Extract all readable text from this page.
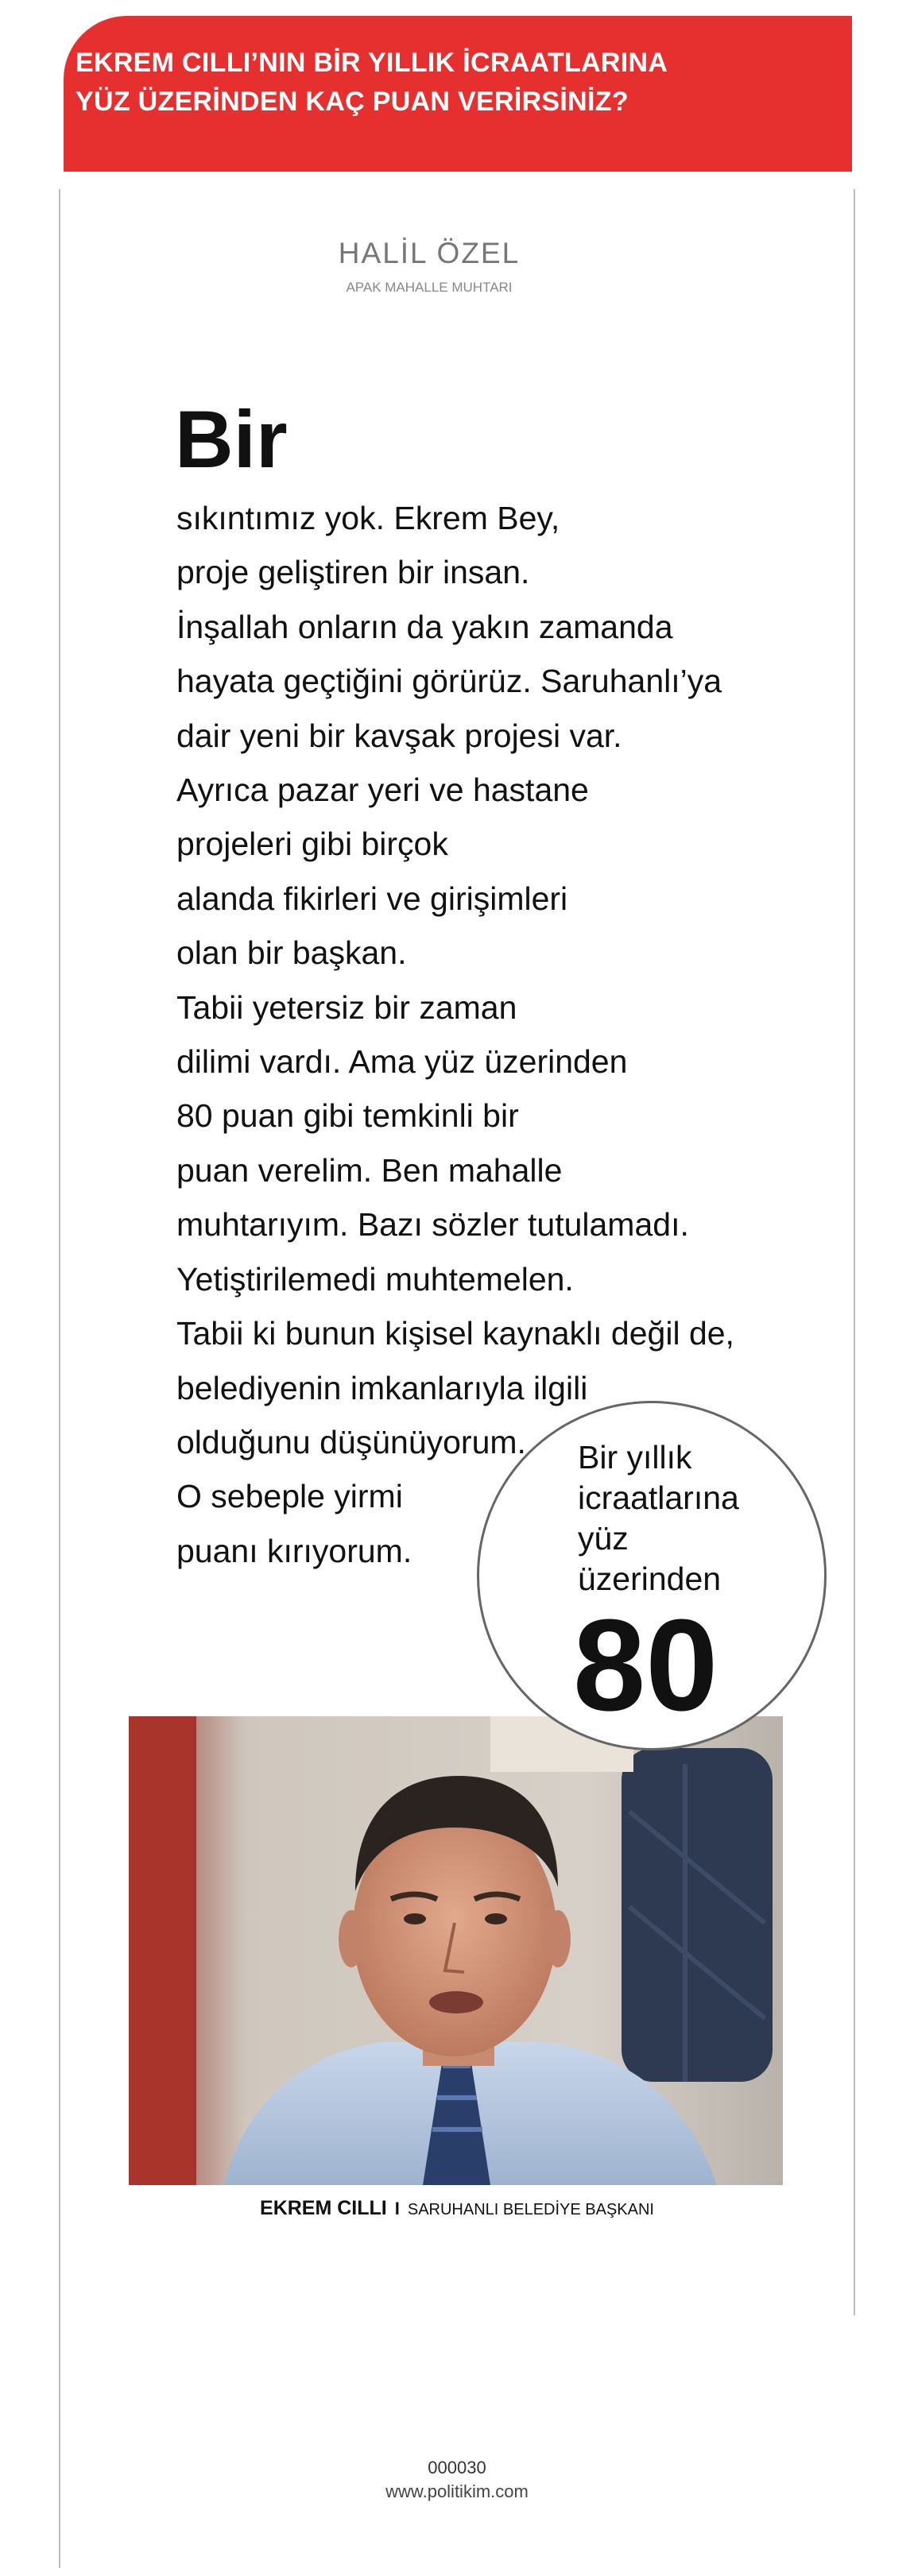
EKREM CILLI’NIN BİR YILLIK İCRAATLARINA
YÜZ ÜZERİNDEN KAÇ PUAN VERİRSİNİZ?
HALİL ÖZEL
APAK MAHALLE MUHTARI
Bir
sıkıntımız yok. Ekrem Bey,
proje geliştiren bir insan.
İnşallah onların da yakın zamanda
hayata geçtiğini görürüz. Saruhanlı’ya
dair yeni bir kavşak projesi var.
Ayrıca pazar yeri ve hastane
projeleri gibi birçok
alanda fikirleri ve girişimleri
olan bir başkan.
Tabii yetersiz bir zaman
dilimi vardı. Ama yüz üzerinden
80 puan gibi temkinli bir
puan verelim. Ben mahalle
muhtarıyım. Bazı sözler tutulamadı.
Yetiştirilemedi muhtemelen.
Tabii ki bunun kişisel kaynaklı değil de,
belediyenin imkanlarıyla ilgili
olduğunu düşünüyorum.
O sebeple yirmi
puanı kırıyorum.
Bir yıllık
icraatlarına
yüz
üzerinden
80
EKREM CILLI I SARUHANLI BELEDİYE BAŞKANI
000030
www.politikim.com
